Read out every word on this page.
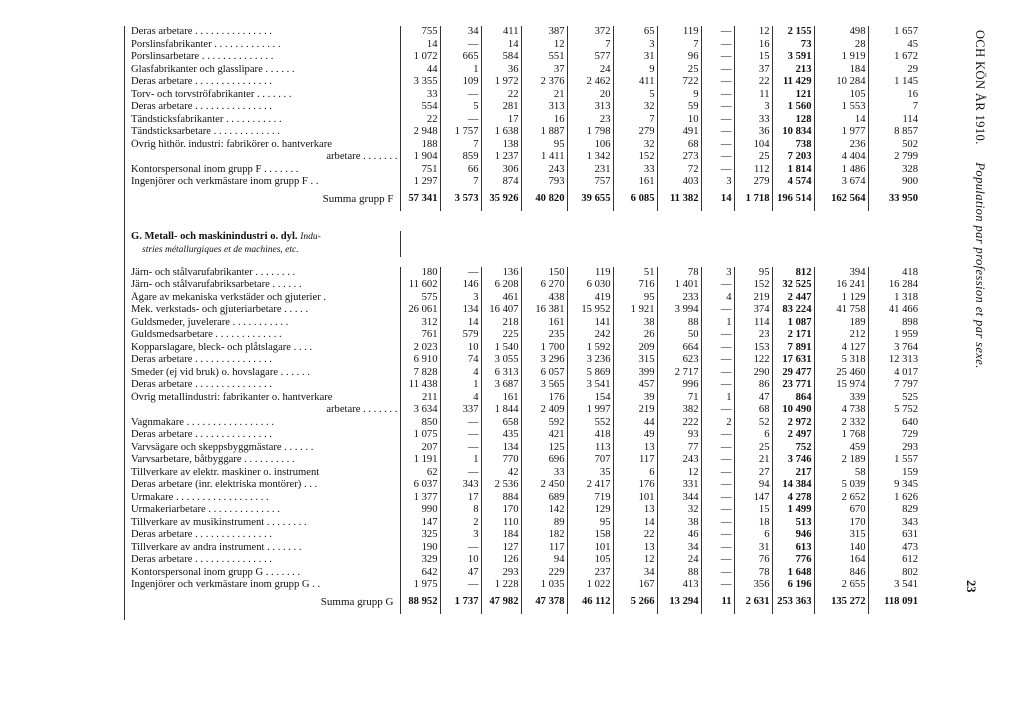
Deras arbetare . . . . . . . . . . . . . . .	755	34	411	387	372	65	119	—	12	2 155	498	1 657
Porslinsfabrikanter . . . . . . . . . . . . .	14	—	14	12	7	3	7	—	16	73	28	45
Porslinsarbetare . . . . . . . . . . . . . .	1 072	665	584	551	577	31	96	—	15	3 591	1 919	1 672
Glasfabrikanter och glasslipare . . . . . .	44	1	36	37	24	9	25	—	37	213	184	29
Deras arbetare . . . . . . . . . . . . . . .	3 355	109	1 972	2 376	2 462	411	722	—	22	11 429	10 284	1 145
Torv- och torvströfabrikanter . . . . . . .	33	—	22	21	20	5	9	—	11	121	105	16
Deras arbetare . . . . . . . . . . . . . . .	554	5	281	313	313	32	59	—	3	1 560	1 553	7
Tändsticksfabrikanter . . . . . . . . . . .	22	—	17	16	23	7	10	—	33	128	14	114
Tändsticksarbetare . . . . . . . . . . . . .	2 948	1 757	1 638	1 887	1 798	279	491	—	36	10 834	1 977	8 857
Övrig hithör. industri: fabrikörer o. hantverkare	188	7	138	95	106	32	68	—	104	738	236	502
arbetare . . . . . . .	1 904	859	1 237	1 411	1 342	152	273	—	25	7 203	4 404	2 799
Kontorspersonal inom grupp F . . . . . . .	751	66	306	243	231	33	72	—	112	1 814	1 486	328
Ingenjörer och verkmästare inom grupp F . .	1 297	7	874	793	757	161	403	3	279	4 574	3 674	900
Summa grupp F	57 341	3 573	35 926	40 820	39 655	6 085	11 382	14	1 718	196 514	162 564	33 950

G. Metall- och maskinindustri o. dyl. Indu-												
stries métallurgiques et de machines, etc.												

Järn- och stålvarufabrikanter . . . . . . . .	180	—	136	150	119	51	78	3	95	812	394	418
Järn- och stålvarufabriksarbetare . . . . . .	11 602	146	6 208	6 270	6 030	716	1 401	—	152	32 525	16 241	16 284
Ägare av mekaniska verkstäder och gjuterier .	575	3	461	438	419	95	233	4	219	2 447	1 129	1 318
Mek. verkstads- och gjuteriarbetare . . . . .	26 061	134	16 407	16 381	15 952	1 921	3 994	—	374	83 224	41 758	41 466
Guldsmeder, juvelerare . . . . . . . . . . .	312	14	218	161	141	38	88	1	114	1 087	189	898
Guldsmedsarbetare . . . . . . . . . . . . .	761	579	225	235	242	26	50	—	23	2 171	212	1 959
Kopparslagare, bleck- och plåtslagare . . . .	2 023	10	1 540	1 700	1 592	209	664	—	153	7 891	4 127	3 764
Deras arbetare . . . . . . . . . . . . . . .	6 910	74	3 055	3 296	3 236	315	623	—	122	17 631	5 318	12 313
Smeder (ej vid bruk) o. hovslagare . . . . . .	7 828	4	6 313	6 057	5 869	399	2 717	—	290	29 477	25 460	4 017
Deras arbetare . . . . . . . . . . . . . . .	11 438	1	3 687	3 565	3 541	457	996	—	86	23 771	15 974	7 797
Övrig metallindustri: fabrikanter o. hantverkare	211	4	161	176	154	39	71	1	47	864	339	525
arbetare . . . . . . .	3 634	337	1 844	2 409	1 997	219	382	—	68	10 490	4 738	5 752
Vagnmakare . . . . . . . . . . . . . . . . .	850	—	658	592	552	44	222	2	52	2 972	2 332	640
Deras arbetare . . . . . . . . . . . . . . .	1 075	—	435	421	418	49	93	—	6	2 497	1 768	729
Varvsägare och skeppsbyggmästare . . . . . .	207	—	134	125	113	13	77	—	25	752	459	293
Varvsarbetare, båtbyggare . . . . . . . . . .	1 191	1	770	696	707	117	243	—	21	3 746	2 189	1 557
Tillverkare av elektr. maskiner o. instrument	62	—	42	33	35	6	12	—	27	217	58	159
Deras arbetare (inr. elektriska montörer) . . .	6 037	343	2 536	2 450	2 417	176	331	—	94	14 384	5 039	9 345
Urmakare . . . . . . . . . . . . . . . . . .	1 377	17	884	689	719	101	344	—	147	4 278	2 652	1 626
Urmakeriarbetare . . . . . . . . . . . . . .	990	8	170	142	129	13	32	—	15	1 499	670	829
Tillverkare av musikinstrument . . . . . . . .	147	2	110	89	95	14	38	—	18	513	170	343
Deras arbetare . . . . . . . . . . . . . . .	325	3	184	182	158	22	46	—	6	946	315	631
Tillverkare av andra instrument . . . . . . .	190	—	127	117	101	13	34	—	31	613	140	473
Deras arbetare . . . . . . . . . . . . . . .	329	10	126	94	105	12	24	—	76	776	164	612
Kontorspersonal inom grupp G . . . . . . .	642	47	293	229	237	34	88	—	78	1 648	846	802
Ingenjörer och verkmästare inom grupp G . .	1 975	—	1 228	1 035	1 022	167	413	—	356	6 196	2 655	3 541
Summa grupp G	88 952	1 737	47 982	47 378	46 112	5 266	13 294	11	2 631	253 363	135 272	118 091
OCH KÖN ÅR 1910.     Population par profession et par sexe.
23
